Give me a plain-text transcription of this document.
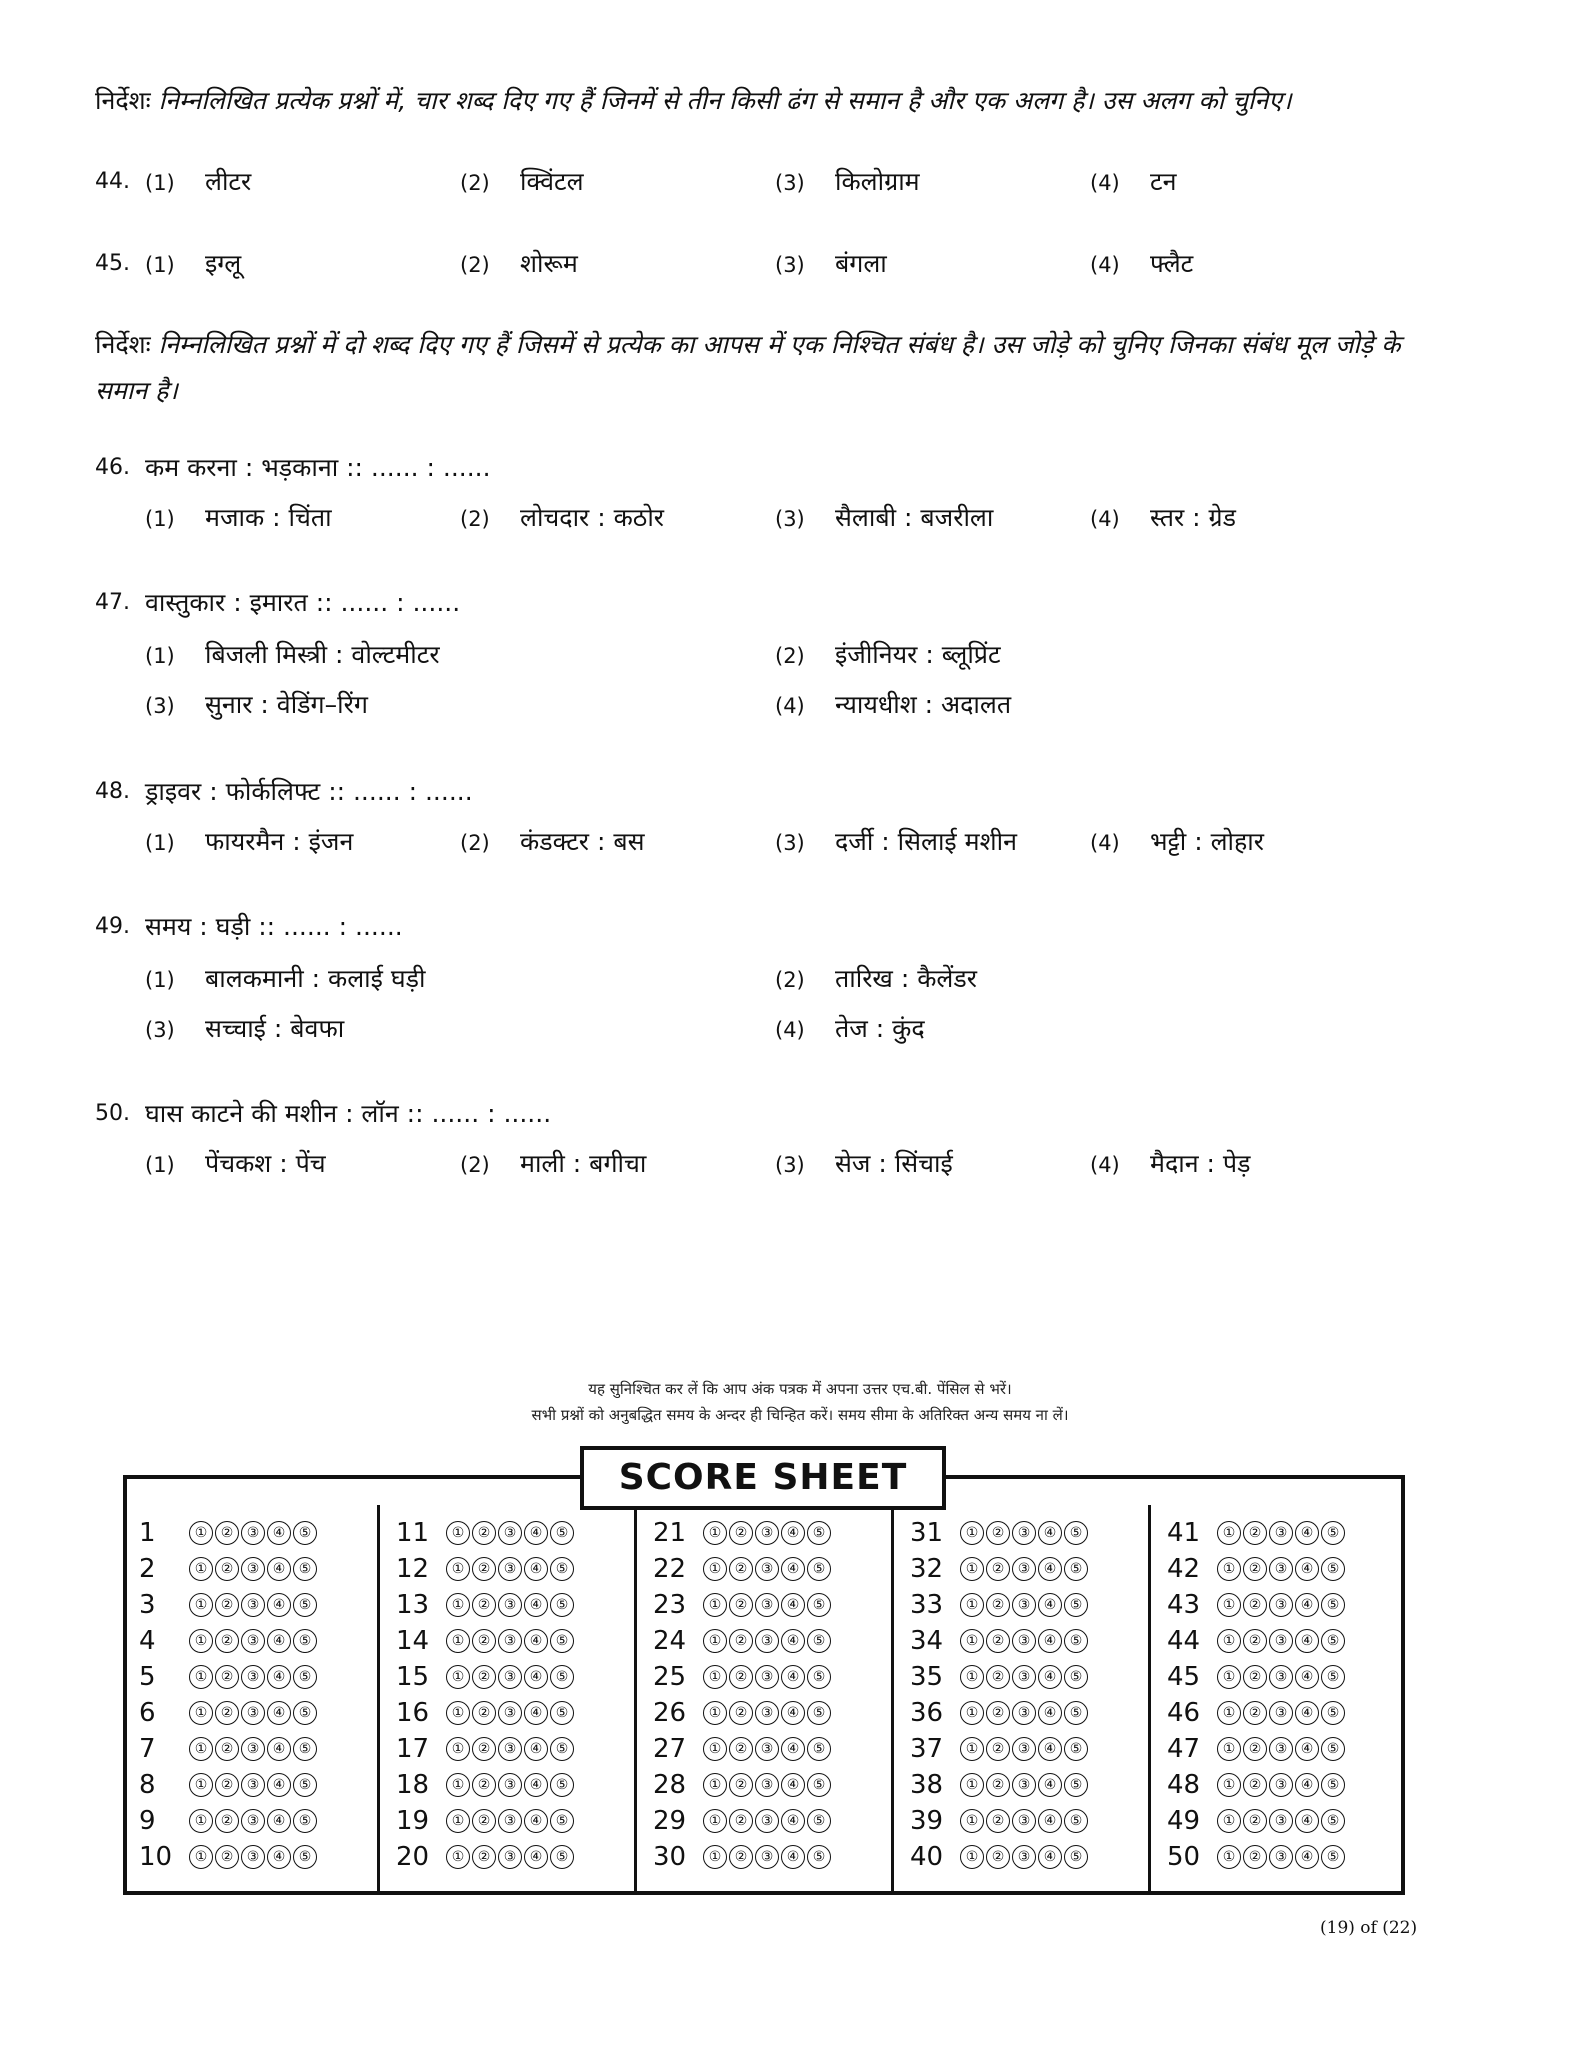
निर्देशः निम्नलिखित प्रत्येक प्रश्नों में, चार शब्द दिए गए हैं जिनमें से तीन किसी ढंग से समान है और एक अलग है। उस अलग को चुनिए।
44. (1) लीटर	(2) क्विंटल	(3) किलोग्राम	(4) टन
45. (1) इग्लू	(2) शोरूम	(3) बंगला	(4) फ्लैट
निर्देशः निम्नलिखित प्रश्नों में दो शब्द दिए गए हैं जिसमें से प्रत्येक का आपस में एक निश्चित संबंध है। उस जोड़े को चुनिए जिनका संबंध मूल जोड़े के समान है।
46. कम करना : भड़काना :: ...... : ......
(1) मजाक : चिंता	(2) लोचदार : कठोर	(3) सैलाबी : बजरीला	(4) स्तर : ग्रेड
47. वास्तुकार : इमारत :: ...... : ......
(1) बिजली मिस्त्री : वोल्टमीटर	(2) इंजीनियर : ब्लूप्रिंट
(3) सुनार : वेडिंग–रिंग	(4) न्यायधीश : अदालत
48. ड्राइवर : फोर्कलिफ्ट :: ...... : ......
(1) फायरमैन : इंजन	(2) कंडक्टर : बस	(3) दर्जी : सिलाई मशीन	(4) भट्टी : लोहार
49. समय : घड़ी :: ...... : ......
(1) बालकमानी : कलाई घड़ी	(2) तारिख : कैलेंडर
(3) सच्चाई : बेवफा	(4) तेज : कुंद
50. घास काटने की मशीन : लॉन :: ...... : ......
(1) पेंचकश : पेंच	(2) माली : बगीचा	(3) सेज : सिंचाई	(4) मैदान : पेड़
यह सुनिश्चित कर लें कि आप अंक पत्रक में अपना उत्तर एच.बी. पेंसिल से भरें।
सभी प्रश्नों को अनुबद्धित समय के अन्दर ही चिन्हित करें। समय सीमा के अतिरिक्त अन्य समय ना लें।
1	① ② ③ ④ ⑤
2	① ② ③ ④ ⑤
3	① ② ③ ④ ⑤
4	① ② ③ ④ ⑤
5	① ② ③ ④ ⑤
6	① ② ③ ④ ⑤
7	① ② ③ ④ ⑤
8	① ② ③ ④ ⑤
9	① ② ③ ④ ⑤
10	① ② ③ ④ ⑤
11	① ② ③ ④ ⑤
12	① ② ③ ④ ⑤
13	① ② ③ ④ ⑤
14	① ② ③ ④ ⑤
15	① ② ③ ④ ⑤
16	① ② ③ ④ ⑤
17	① ② ③ ④ ⑤
18	① ② ③ ④ ⑤
19	① ② ③ ④ ⑤
20	① ② ③ ④ ⑤
21	① ② ③ ④ ⑤
22	① ② ③ ④ ⑤
23	① ② ③ ④ ⑤
24	① ② ③ ④ ⑤
25	① ② ③ ④ ⑤
26	① ② ③ ④ ⑤
27	① ② ③ ④ ⑤
28	① ② ③ ④ ⑤
29	① ② ③ ④ ⑤
30	① ② ③ ④ ⑤
31	① ② ③ ④ ⑤
32	① ② ③ ④ ⑤
33	① ② ③ ④ ⑤
34	① ② ③ ④ ⑤
35	① ② ③ ④ ⑤
36	① ② ③ ④ ⑤
37	① ② ③ ④ ⑤
38	① ② ③ ④ ⑤
39	① ② ③ ④ ⑤
40	① ② ③ ④ ⑤
41	① ② ③ ④ ⑤
42	① ② ③ ④ ⑤
43	① ② ③ ④ ⑤
44	① ② ③ ④ ⑤
45	① ② ③ ④ ⑤
46	① ② ③ ④ ⑤
47	① ② ③ ④ ⑤
48	① ② ③ ④ ⑤
49	① ② ③ ④ ⑤
50	① ② ③ ④ ⑤
SCORE SHEET
(19) of (22)
